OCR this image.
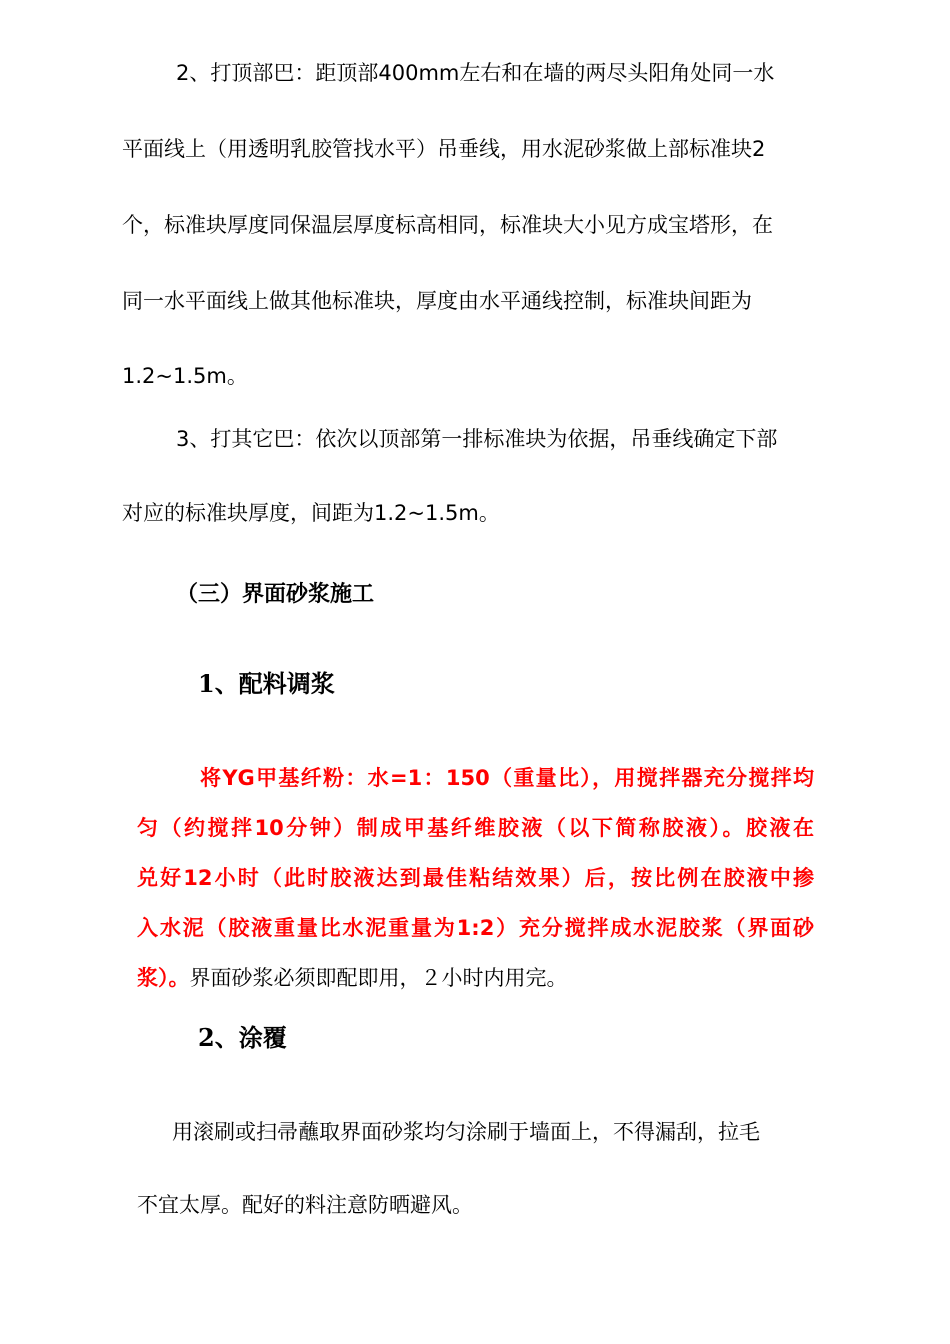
2、打顶部巴：距顶部400mm左右和在墙的两尽头阳角处同一水

平面线上（用透明乳胶管找水平）吊垂线，用水泥砂浆做上部标准块2

个，标准块厚度同保温层厚度标高相同，标准块大小见方成宝塔形，在

同一水平面线上做其他标准块，厚度由水平通线控制，标准块间距为

1.2~1.5m。

3、打其它巴：依次以顶部第一排标准块为依据，吊垂线确定下部

对应的标准块厚度，间距为1.2~1.5m。

（三）界面砂浆施工

1、配料调浆

将YG甲基纤粉：水=1：150（重量比），用搅拌器充分搅拌均
匀（约搅拌10分钟）制成甲基纤维胶液（以下简称胶液）。胶液在
兑好12小时（此时胶液达到最佳粘结效果）后，按比例在胶液中掺
入水泥（胶液重量比水泥重量为1:2）充分搅拌成水泥胶浆（界面砂
浆）。界面砂浆必须即配即用，２小时内用完。

2、涂覆

用滚刷或扫帚蘸取界面砂浆均匀涂刷于墙面上，不得漏刮，拉毛

不宜太厚。配好的料注意防晒避风。
